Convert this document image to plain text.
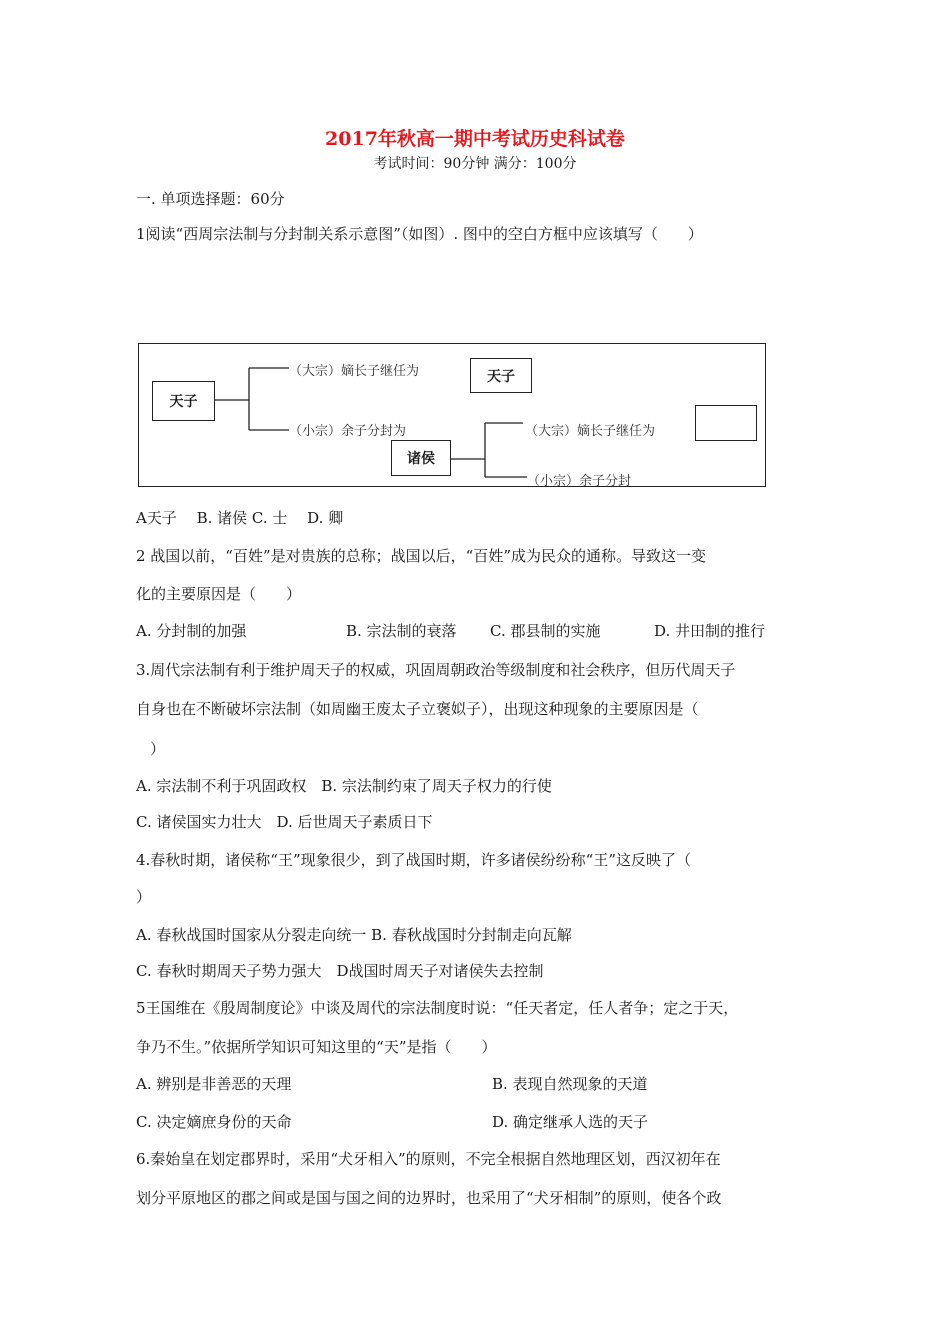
2017年秋高一期中考试历史科试卷
考试时间：90分钟 满分：100分
一. 单项选择题：60分
1阅读“西周宗法制与分封制关系示意图”（如图）. 图中的空白方框中应该填写（　　）
天子
（大宗）嫡长子继任为	天子
（小宗）余子分封为
诸侯
（大宗）嫡长子继任为
（小宗）余子分封
A天子　 B. 诸侯 C. 士　 D. 卿
2 战国以前，“百姓”是对贵族的总称；战国以后，“百姓”成为民众的通称。导致这一变
化的主要原因是（　　）
A. 分封制的加强	B. 宗法制的衰落 C. 郡县制的实施	D. 井田制的推行
3.周代宗法制有利于维护周天子的权威，巩固周朝政治等级制度和社会秩序，但历代周天子
自身也在不断破坏宗法制（如周幽王废太子立褒姒子），出现这种现象的主要原因是（
）
A. 宗法制不利于巩固政权　B. 宗法制约束了周天子权力的行使
C. 诸侯国实力壮大　D. 后世周天子素质日下
4.春秋时期，诸侯称“王”现象很少，到了战国时期，许多诸侯纷纷称“王”这反映了（
）
A. 春秋战国时国家从分裂走向统一 B. 春秋战国时分封制走向瓦解
C. 春秋时期周天子势力强大　D战国时周天子对诸侯失去控制
5王国维在《殷周制度论》中谈及周代的宗法制度时说：“任天者定，任人者争；定之于天，
争乃不生。”依据所学知识可知这里的“天”是指（　　）
A. 辨别是非善恶的天理	B. 表现自然现象的天道
C. 决定嫡庶身份的天命	D. 确定继承人选的天子
6.秦始皇在划定郡界时，采用“犬牙相入”的原则，不完全根据自然地理区划，西汉初年在
划分平原地区的郡之间或是国与国之间的边界时，也采用了“犬牙相制”的原则，使各个政
